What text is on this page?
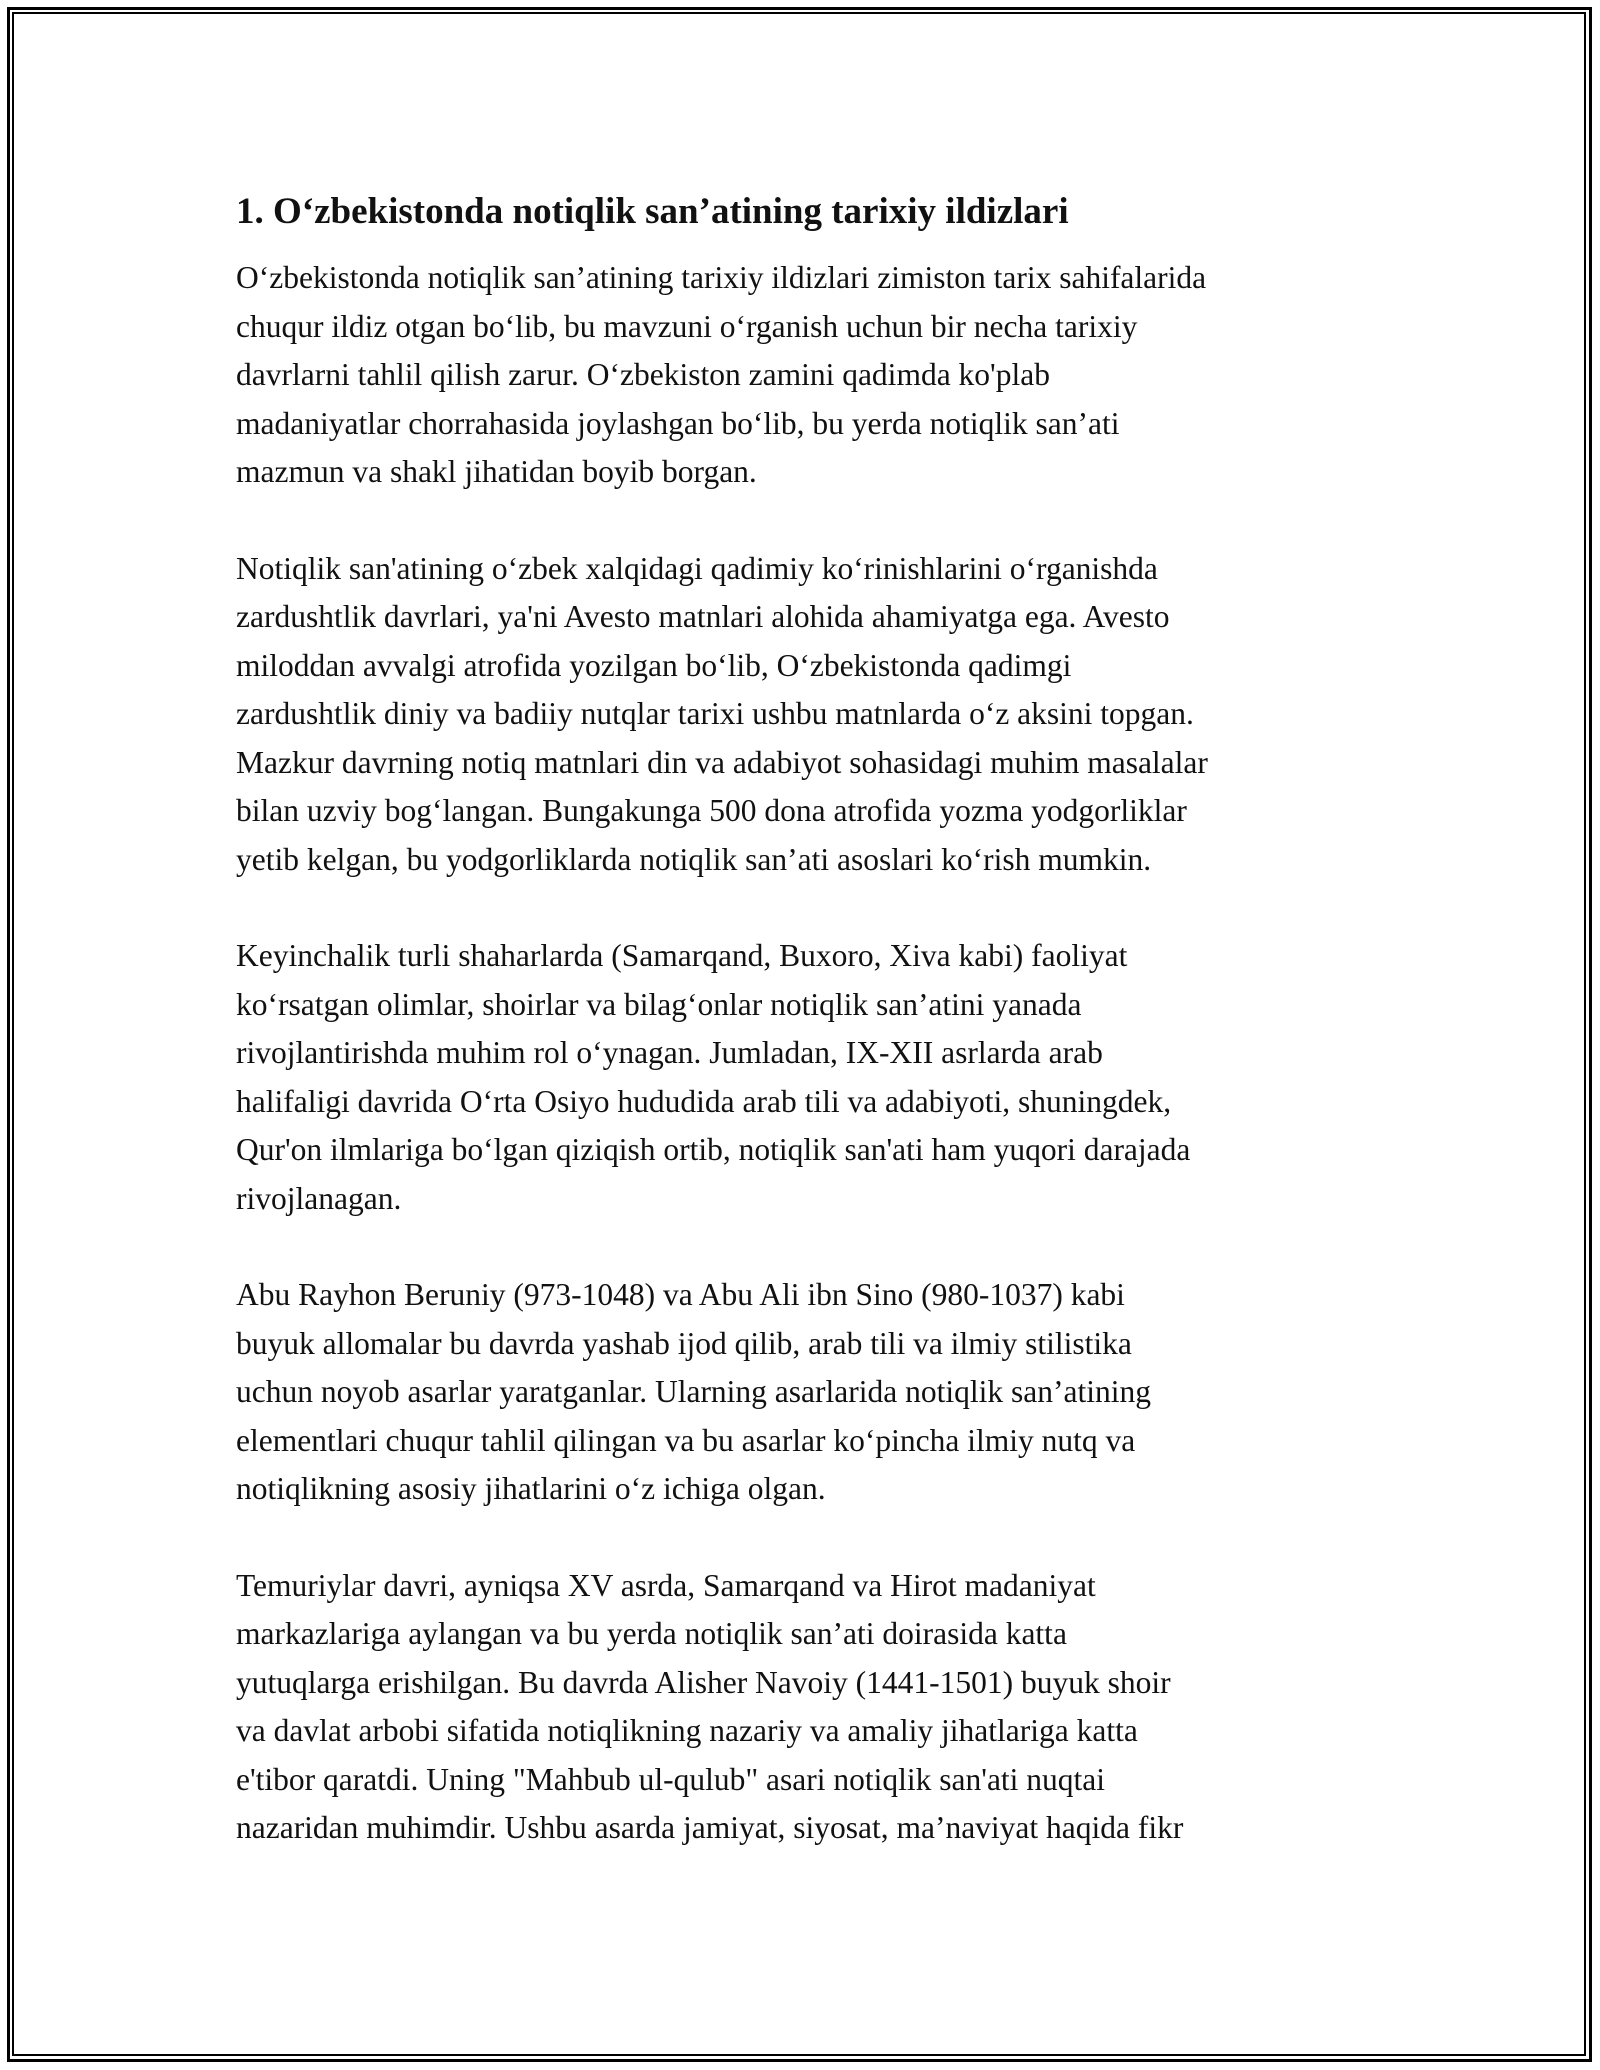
1. O‘zbekistonda notiqlik san’atining tarixiy ildizlari

O‘zbekistonda notiqlik san’atining tarixiy ildizlari zimiston tarix sahifalarida
chuqur ildiz otgan bo‘lib, bu mavzuni o‘rganish uchun bir necha tarixiy
davrlarni tahlil qilish zarur. O‘zbekiston zamini qadimda ko'plab
madaniyatlar chorrahasida joylashgan bo‘lib, bu yerda notiqlik san’ati
mazmun va shakl jihatidan boyib borgan.

Notiqlik san'atining o‘zbek xalqidagi qadimiy ko‘rinishlarini o‘rganishda
zardushtlik davrlari, ya'ni Avesto matnlari alohida ahamiyatga ega. Avesto
miloddan avvalgi atrofida yozilgan bo‘lib, O‘zbekistonda qadimgi
zardushtlik diniy va badiiy nutqlar tarixi ushbu matnlarda o‘z aksini topgan.
Mazkur davrning notiq matnlari din va adabiyot sohasidagi muhim masalalar
bilan uzviy bog‘langan. Bungakunga 500 dona atrofida yozma yodgorliklar
yetib kelgan, bu yodgorliklarda notiqlik san’ati asoslari ko‘rish mumkin.

Keyinchalik turli shaharlarda (Samarqand, Buxoro, Xiva kabi) faoliyat
ko‘rsatgan olimlar, shoirlar va bilag‘onlar notiqlik san’atini yanada
rivojlantirishda muhim rol o‘ynagan. Jumladan, IX-XII asrlarda arab
halifaligi davrida O‘rta Osiyo hududida arab tili va adabiyoti, shuningdek,
Qur'on ilmlariga bo‘lgan qiziqish ortib, notiqlik san'ati ham yuqori darajada
rivojlanagan.

Abu Rayhon Beruniy (973-1048) va Abu Ali ibn Sino (980-1037) kabi
buyuk allomalar bu davrda yashab ijod qilib, arab tili va ilmiy stilistika
uchun noyob asarlar yaratganlar. Ularning asarlarida notiqlik san’atining
elementlari chuqur tahlil qilingan va bu asarlar ko‘pincha ilmiy nutq va
notiqlikning asosiy jihatlarini o‘z ichiga olgan.

Temuriylar davri, ayniqsa XV asrda, Samarqand va Hirot madaniyat
markazlariga aylangan va bu yerda notiqlik san’ati doirasida katta
yutuqlarga erishilgan. Bu davrda Alisher Navoiy (1441-1501) buyuk shoir
va davlat arbobi sifatida notiqlikning nazariy va amaliy jihatlariga katta
e'tibor qaratdi. Uning "Mahbub ul-qulub" asari notiqlik san'ati nuqtai
nazaridan muhimdir. Ushbu asarda jamiyat, siyosat, ma’naviyat haqida fikr
